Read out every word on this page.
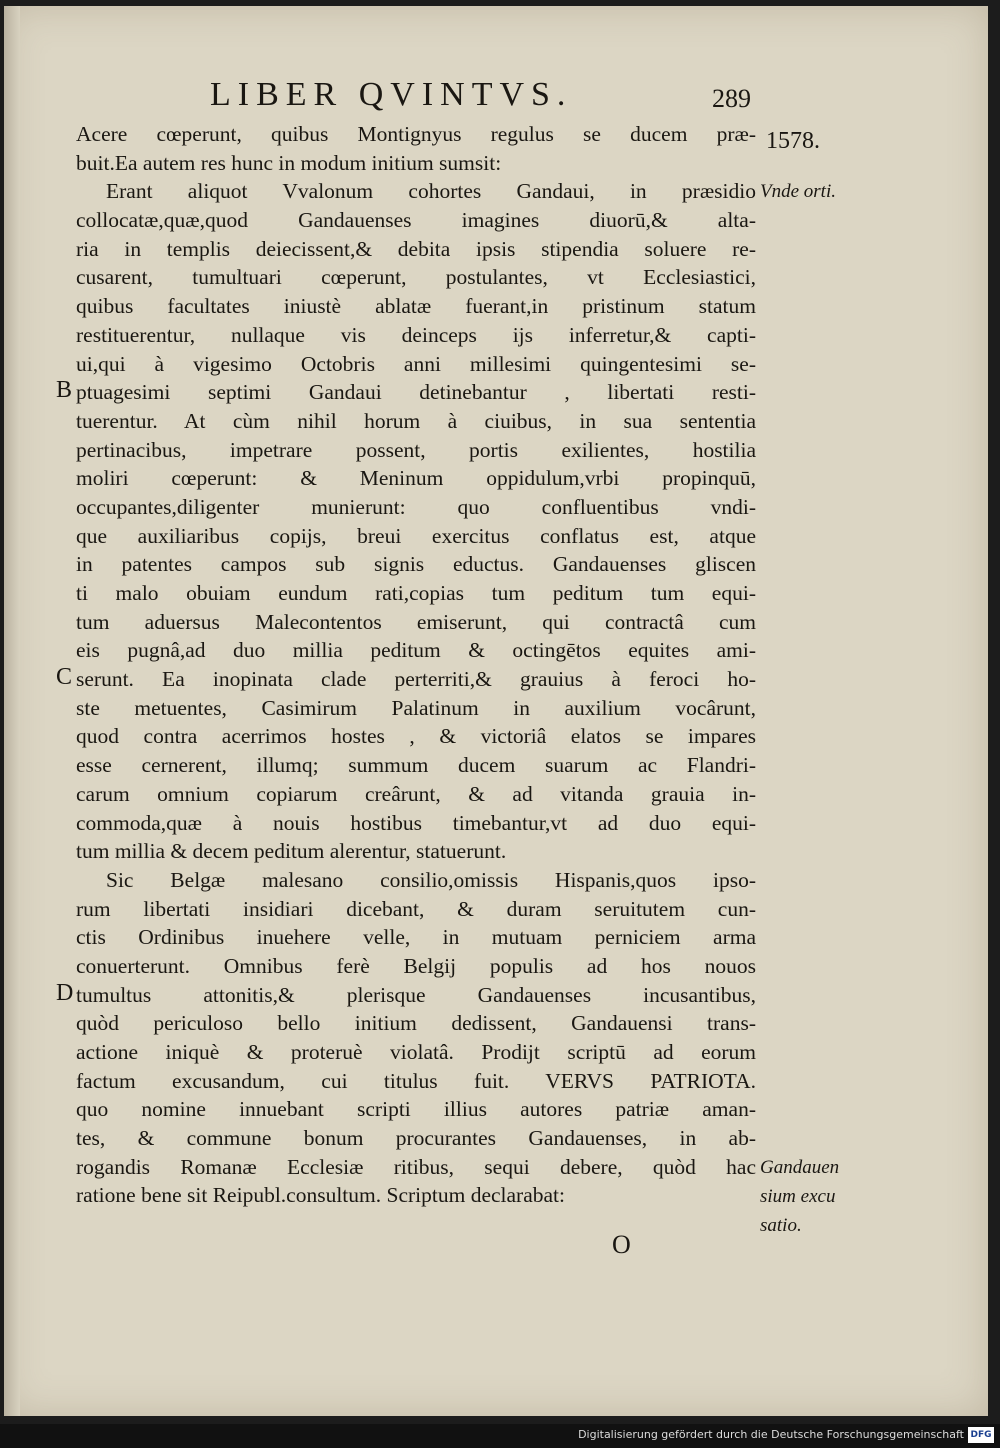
LIBER QVINTVS.	289
1578.
Acere cœperunt, quibus Montignyus regulus se ducem præ-
buit.Ea autem res hunc in modum initium sumsit:
Erant aliquot Vvalonum cohortes Gandaui, in præsidio
collocatæ,quæ,quod Gandauenses imagines diuorū,& alta-
ria in templis deiecissent,& debita ipsis stipendia soluere re-
cusarent, tumultuari cœperunt, postulantes, vt Ecclesiastici,
quibus facultates iniustè ablatæ fuerant,in pristinum statum
restituerentur, nullaque vis deinceps ijs inferretur,& capti-
ui,qui à vigesimo Octobris anni millesimi quingentesimi se-
ptuagesimi septimi Gandaui detinebantur , libertati resti-
tuerentur. At cùm nihil horum à ciuibus, in sua sententia
pertinacibus, impetrare possent, portis exilientes, hostilia
moliri cœperunt: & Meninum oppidulum,vrbi propinquū,
occupantes,diligenter munierunt: quo confluentibus vndi-
que auxiliaribus copijs, breui exercitus conflatus est, atque
in patentes campos sub signis eductus. Gandauenses gliscen
ti malo obuiam eundum rati,copias tum peditum tum equi-
tum aduersus Malecontentos emiserunt, qui contractâ cum
eis pugnâ,ad duo millia peditum & octingētos equites ami-
serunt. Ea inopinata clade perterriti,& grauius à feroci ho-
ste metuentes, Casimirum Palatinum in auxilium vocârunt,
quod contra acerrimos hostes , & victoriâ elatos se impares
esse cernerent, illumq; summum ducem suarum ac Flandri-
carum omnium copiarum creârunt, & ad vitanda grauia in-
commoda,quæ à nouis hostibus timebantur,vt ad duo equi-
tum millia & decem peditum alerentur, statuerunt.
Sic Belgæ malesano consilio,omissis Hispanis,quos ipso-
rum libertati insidiari dicebant, & duram seruitutem cun-
ctis Ordinibus inuehere velle, in mutuam perniciem arma
conuerterunt. Omnibus ferè Belgij populis ad hos nouos
tumultus attonitis,& plerisque Gandauenses incusantibus,
quòd periculoso bello initium dedissent, Gandauensi trans-
actione iniquè & proteruè violatâ. Prodijt scriptū ad eorum
factum excusandum, cui titulus fuit. VERVS PATRIOTA.
quo nomine innuebant scripti illius autores patriæ aman-
tes, & commune bonum procurantes Gandauenses, in ab-
rogandis Romanæ Ecclesiæ ritibus, sequi debere, quòd hac
ratione bene sit Reipubl.consultum. Scriptum declarabat:
B
C
D
Vnde orti.
Gandauen
sium excu
satio.
O
Digitalisierung gefördert durch die Deutsche Forschungsgemeinschaft DFG
